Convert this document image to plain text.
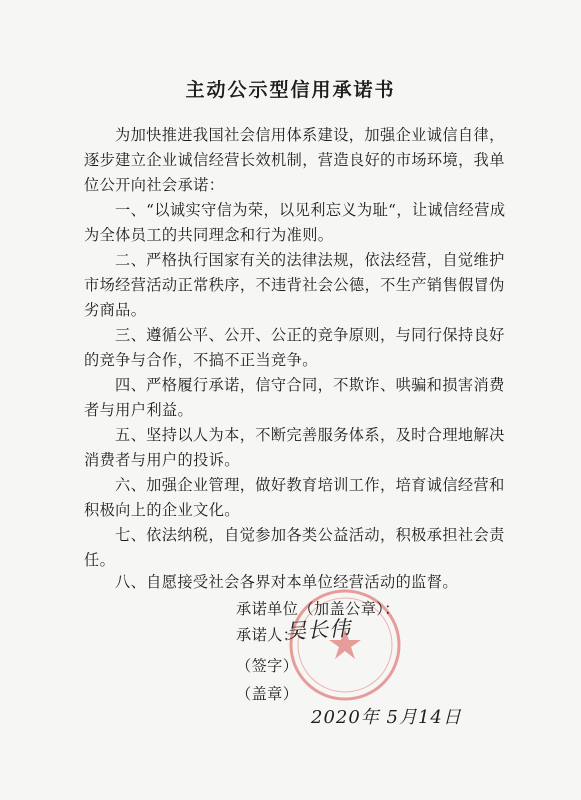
主动公示型信用承诺书
为加快推进我国社会信用体系建设，加强企业诚信自律，逐步建立企业诚信经营长效机制，营造良好的市场环境，我单位公开向社会承诺：
一、“以诚实守信为荣，以见利忘义为耻“，让诚信经营成为全体员工的共同理念和行为准则。
二、严格执行国家有关的法律法规，依法经营，自觉维护市场经营活动正常秩序，不违背社会公德，不生产销售假冒伪劣商品。
三、遵循公平、公开、公正的竞争原则，与同行保持良好的竞争与合作，不搞不正当竞争。
四、严格履行承诺，信守合同，不欺诈、哄骗和损害消费者与用户利益。
五、坚持以人为本，不断完善服务体系，及时合理地解决消费者与用户的投诉。
六、加强企业管理，做好教育培训工作，培育诚信经营和积极向上的企业文化。
七、依法纳税，自觉参加各类公益活动，积极承担社会责任。
八、自愿接受社会各界对本单位经营活动的监督。
承诺单位（加盖公章）：
承诺人：
吴长伟
（签字）
（盖章）
2020年 5月14日
